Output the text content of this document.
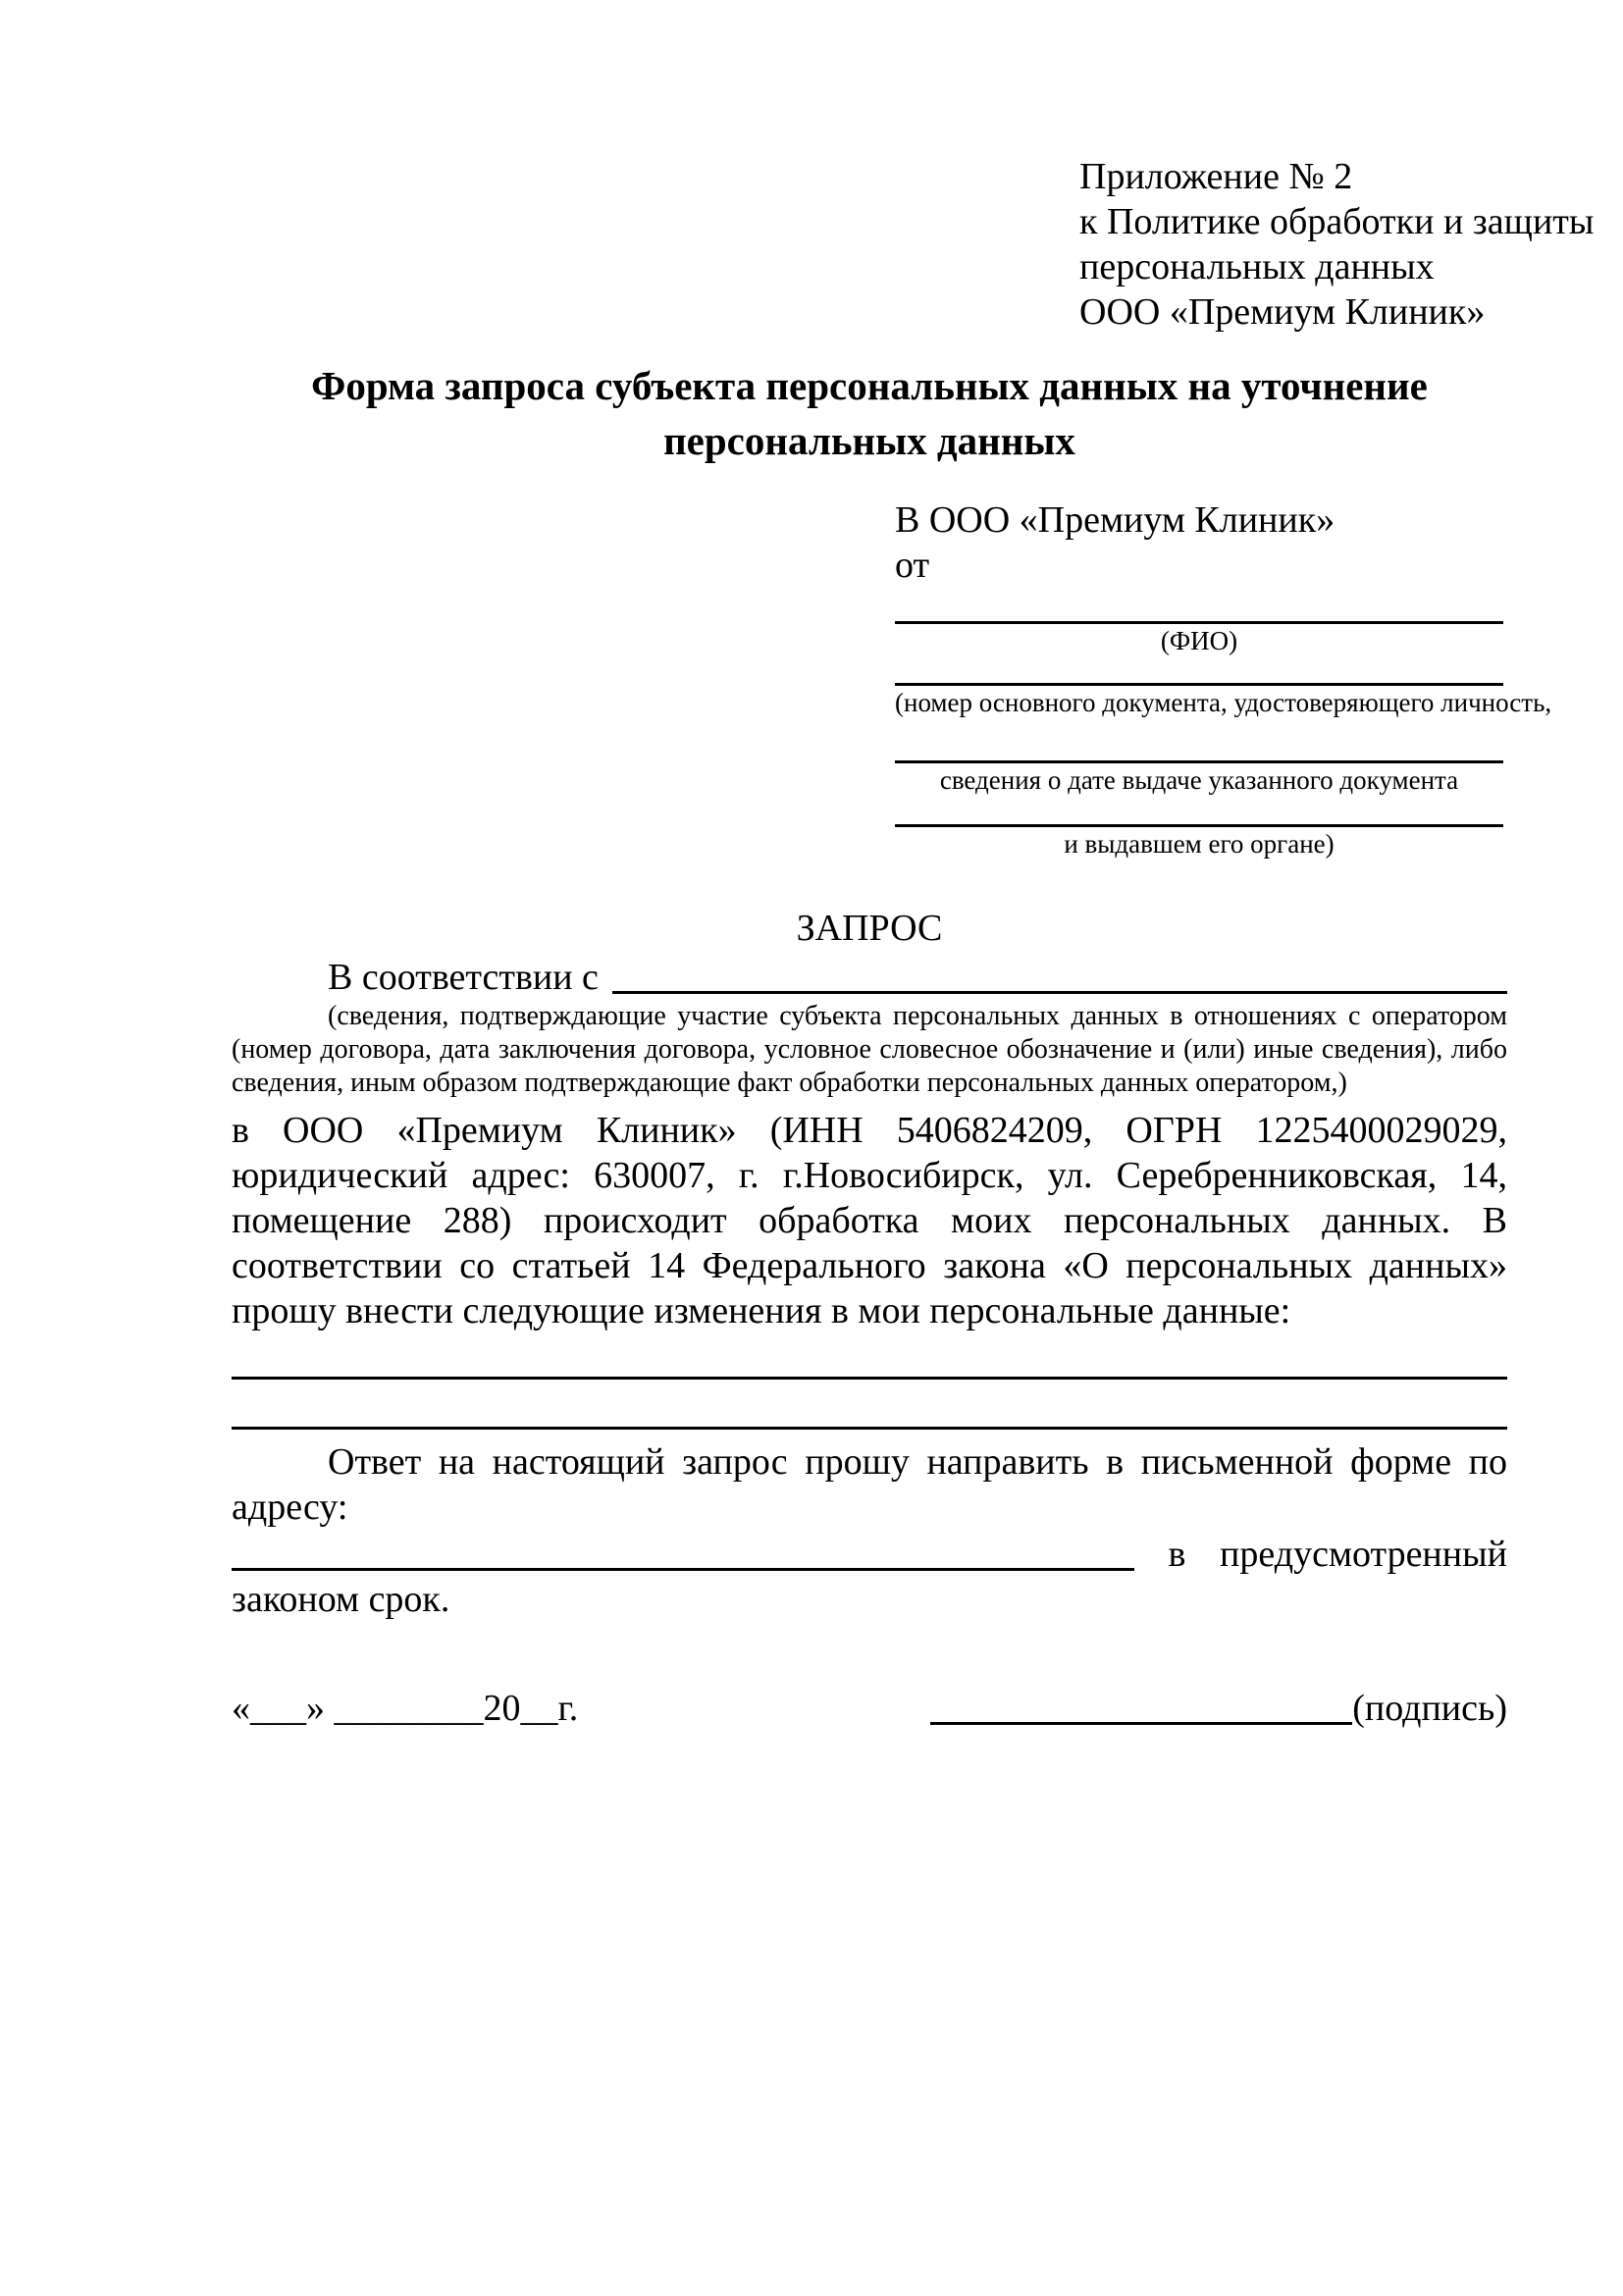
Приложение № 2
к Политике обработки и защиты
персональных данных
ООО «Премиум Клиник»
Форма запроса субъекта персональных данных на уточнение персональных данных
В ООО «Премиум Клиник»
от
(ФИО)
(номер основного документа, удостоверяющего личность,
сведения о дате выдаче указанного документа
и выдавшем его органе)
ЗАПРОС
В соответствии с
(сведения, подтверждающие участие субъекта персональных данных в отношениях с оператором (номер договора, дата заключения договора, условное словесное обозначение и (или) иные сведения), либо сведения, иным образом подтверждающие факт обработки персональных данных оператором,)
в ООО «Премиум Клиник» (ИНН 5406824209, ОГРН 1225400029029, юридический адрес: 630007, г. г.Новосибирск, ул. Серебренниковская, 14, помещение 288) происходит обработка моих персональных данных. В соответствии со статьей 14 Федерального закона «О персональных данных» прошу внести следующие изменения в мои персональные данные:
Ответ на настоящий запрос прошу направить в письменной форме по адресу:
в предусмотренный
законом срок.
«___» ________20__г.	(подпись)
